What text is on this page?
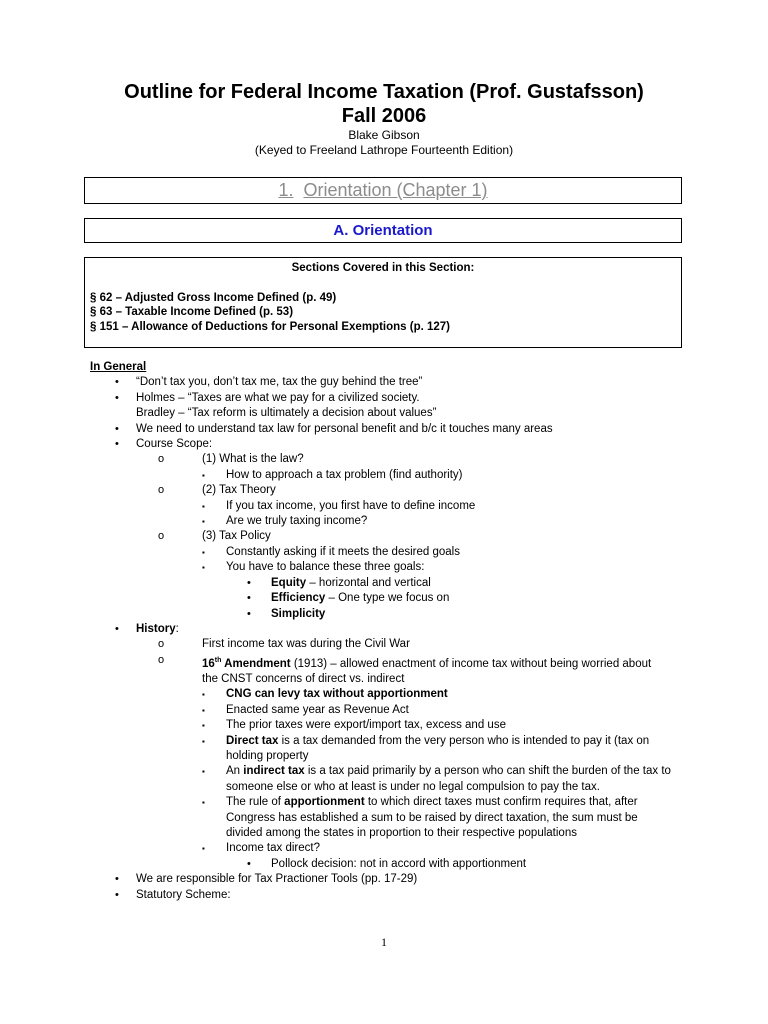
Outline for Federal Income Taxation (Prof. Gustafsson)
Fall 2006
Blake Gibson
(Keyed to Freeland Lathrope Fourteenth Edition)
1. Orientation (Chapter 1)
A. Orientation
Sections Covered in this Section:
§ 62 – Adjusted Gross Income Defined (p. 49)
§ 63 – Taxable Income Defined (p. 53)
§ 151 – Allowance of Deductions for Personal Exemptions (p. 127)
In General
• “Don’t tax you, don’t tax me, tax the guy behind the tree”
• Holmes – “Taxes are what we pay for a civilized society.
Bradley – “Tax reform is ultimately a decision about values”
• We need to understand tax law for personal benefit and b/c it touches many areas
• Course Scope:
o	(1) What is the law?
▪ How to approach a tax problem (find authority)
o	(2) Tax Theory
▪ If you tax income, you first have to define income
▪ Are we truly taxing income?
o	(3) Tax Policy
▪ Constantly asking if it meets the desired goals
▪ You have to balance these three goals:
• Equity – horizontal and vertical
• Efficiency – One type we focus on
• Simplicity
• History:
o	First income tax was during the Civil War
o	16th Amendment (1913) – allowed enactment of income tax without being worried about the CNST concerns of direct vs. indirect
▪ CNG can levy tax without apportionment
▪ Enacted same year as Revenue Act
▪ The prior taxes were export/import tax, excess and use
▪ Direct tax is a tax demanded from the very person who is intended to pay it (tax on holding property
▪ An indirect tax is a tax paid primarily by a person who can shift the burden of the tax to someone else or who at least is under no legal compulsion to pay the tax.
▪ The rule of apportionment to which direct taxes must confirm requires that, after Congress has established a sum to be raised by direct taxation, the sum must be divided among the states in proportion to their respective populations
▪ Income tax direct?
• Pollock decision: not in accord with apportionment
• We are responsible for Tax Practioner Tools (pp. 17-29)
• Statutory Scheme:
1
